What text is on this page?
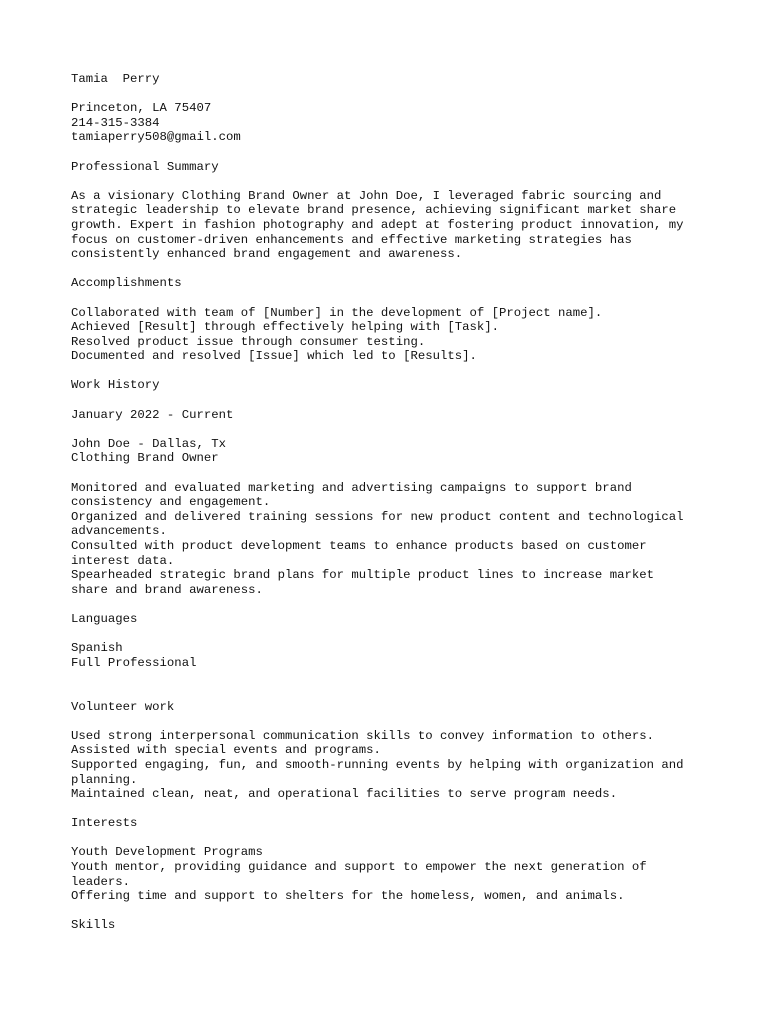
Tamia  Perry
Princeton, LA 75407
214-315-3384
tamiaperry508@gmail.com
Professional Summary
As a visionary Clothing Brand Owner at John Doe, I leveraged fabric sourcing and
strategic leadership to elevate brand presence, achieving significant market share
growth. Expert in fashion photography and adept at fostering product innovation, my
focus on customer-driven enhancements and effective marketing strategies has
consistently enhanced brand engagement and awareness.
Accomplishments
Collaborated with team of [Number] in the development of [Project name].
Achieved [Result] through effectively helping with [Task].
Resolved product issue through consumer testing.
Documented and resolved [Issue] which led to [Results].
Work History
January 2022 - Current
John Doe - Dallas, Tx
Clothing Brand Owner
Monitored and evaluated marketing and advertising campaigns to support brand
consistency and engagement.
Organized and delivered training sessions for new product content and technological
advancements.
Consulted with product development teams to enhance products based on customer
interest data.
Spearheaded strategic brand plans for multiple product lines to increase market
share and brand awareness.
Languages
Spanish
Full Professional
Volunteer work
Used strong interpersonal communication skills to convey information to others.
Assisted with special events and programs.
Supported engaging, fun, and smooth-running events by helping with organization and
planning.
Maintained clean, neat, and operational facilities to serve program needs.
Interests
Youth Development Programs
Youth mentor, providing guidance and support to empower the next generation of
leaders.
Offering time and support to shelters for the homeless, women, and animals.
Skills
